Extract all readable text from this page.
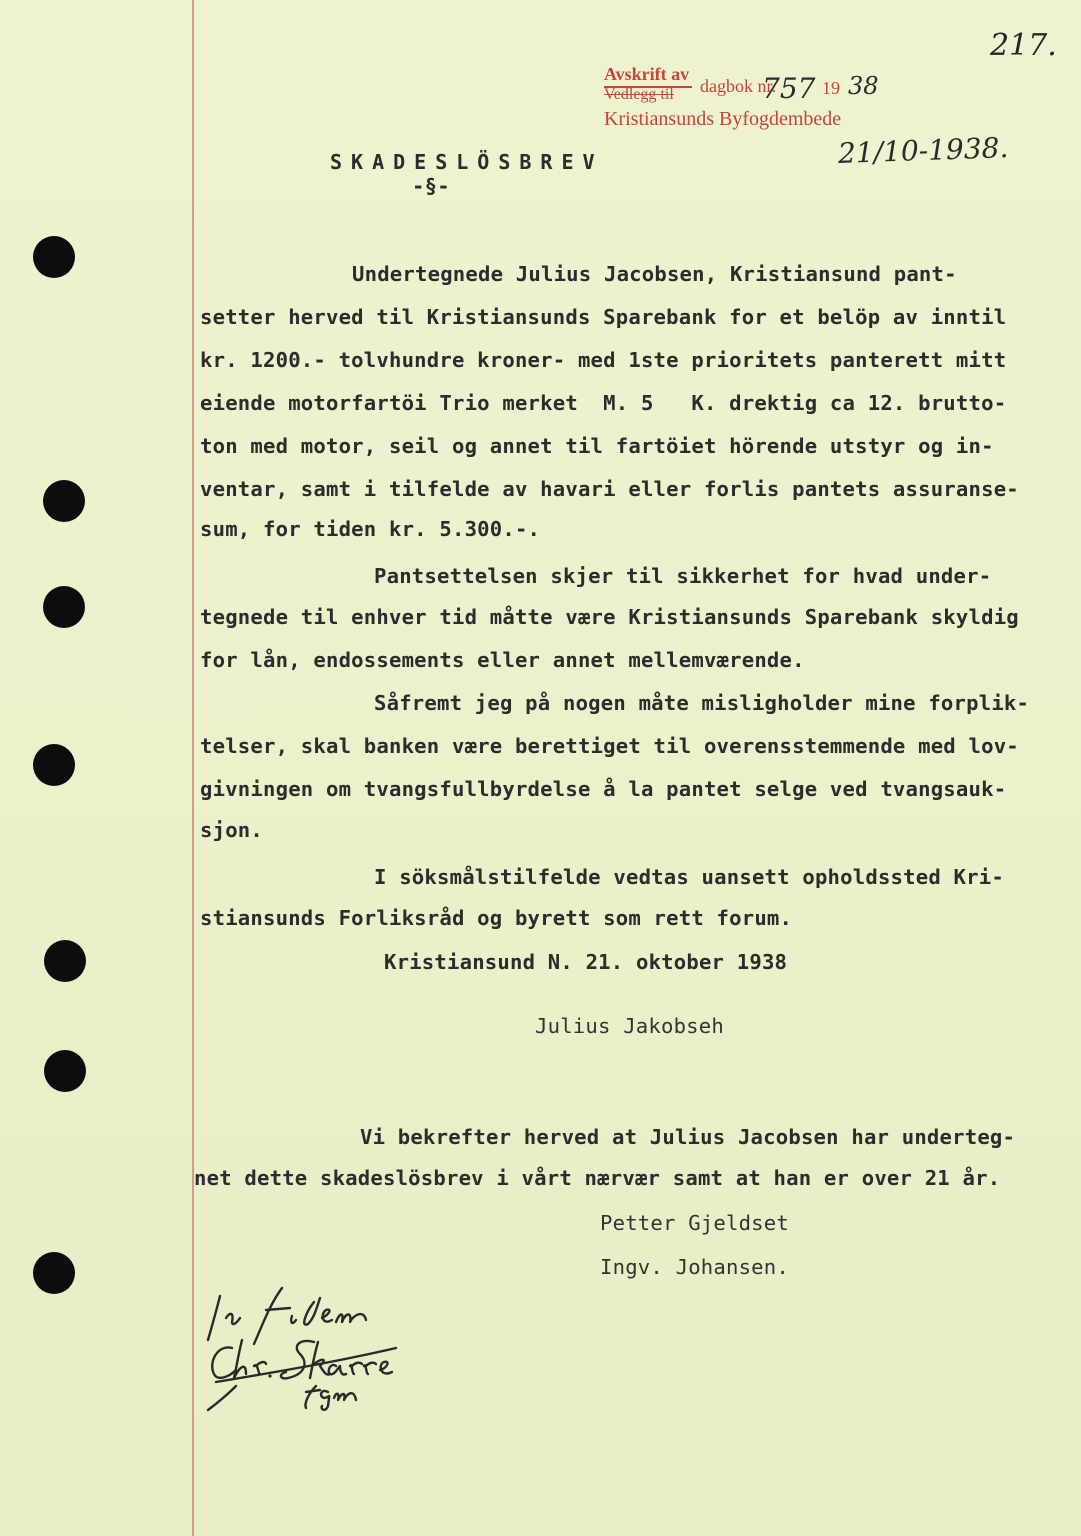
217.
Avskrift av
Vedlegg til dagbok nr.
757 19 38
Kristiansunds Byfogdembede
21/10-1938.
SKADESLÖSBREV
-§-
Undertegnede Julius Jacobsen, Kristiansund pant-
setter herved til Kristiansunds Sparebank for et belöp av inntil
kr. 1200.- tolvhundre kroner- med 1ste prioritets panterett mitt
eiende motorfartöi Trio merket  M. 5   K. drektig ca 12. brutto-
ton med motor, seil og annet til fartöiet hörende utstyr og in-
ventar, samt i tilfelde av havari eller forlis pantets assuranse-
sum, for tiden kr. 5.300.-.
Pantsettelsen skjer til sikkerhet for hvad under-
tegnede til enhver tid måtte være Kristiansunds Sparebank skyldig
for lån, endossements eller annet mellemværende.
Såfremt jeg på nogen måte misligholder mine forplik-
telser, skal banken være berettiget til overensstemmende med lov-
givningen om tvangsfullbyrdelse å la pantet selge ved tvangsauk-
sjon.
I söksmålstilfelde vedtas uansett opholdssted Kri-
stiansunds Forliksråd og byrett som rett forum.
Kristiansund N. 21. oktober 1938
Julius Jakobseh
Vi bekrefter herved at Julius Jacobsen har underteg-
net dette skadeslösbrev i vårt nærvær samt at han er over 21 år.
Petter Gjeldset
Ingv. Johansen.
